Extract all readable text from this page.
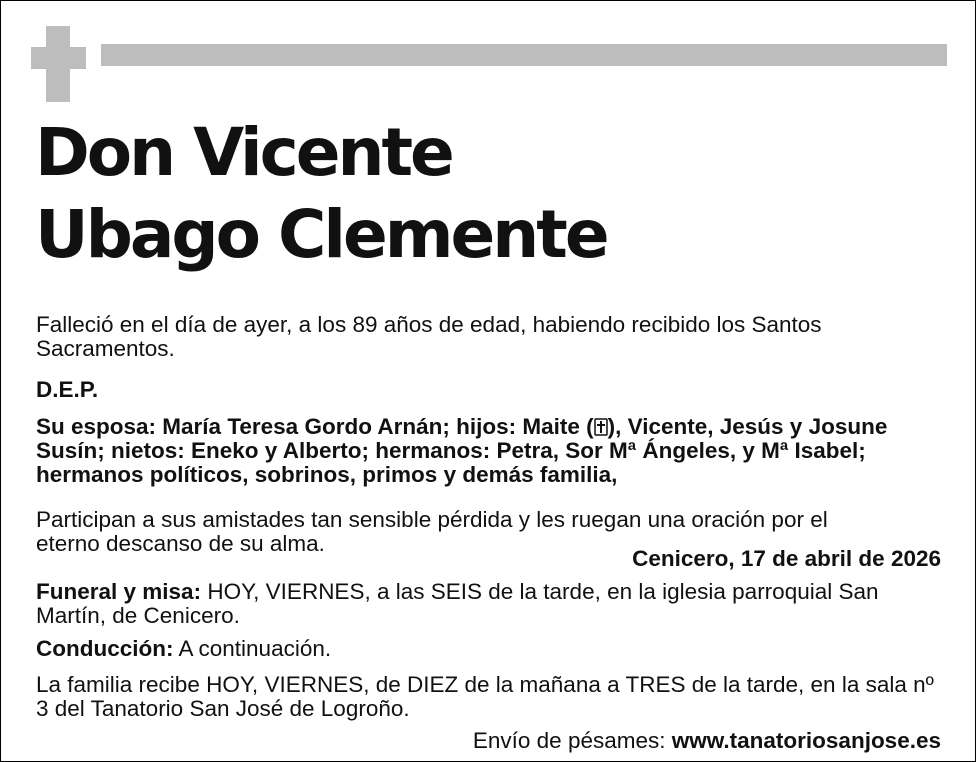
Don Vicente
Ubago Clemente
Falleció en el día de ayer, a los 89 años de edad, habiendo recibido los Santos Sacramentos.
D.E.P.
Su esposa: María Teresa Gordo Arnán; hijos: Maite ( ), Vicente, Jesús y Josune Susín; nietos: Eneko y Alberto; hermanos: Petra, Sor Mª Ángeles, y Mª Isabel; hermanos políticos, sobrinos, primos y demás familia,
Participan a sus amistades tan sensible pérdida y les ruegan una oración por el eterno descanso de su alma.
Cenicero, 17 de abril de 2026
Funeral y misa: HOY, VIERNES, a las SEIS de la tarde, en la iglesia parroquial San Martín, de Cenicero.
Conducción: A continuación.
La familia recibe HOY, VIERNES, de DIEZ de la mañana a TRES de la tarde, en la sala nº 3 del Tanatorio San José de Logroño.
Envío de pésames: www.tanatoriosanjose.es
